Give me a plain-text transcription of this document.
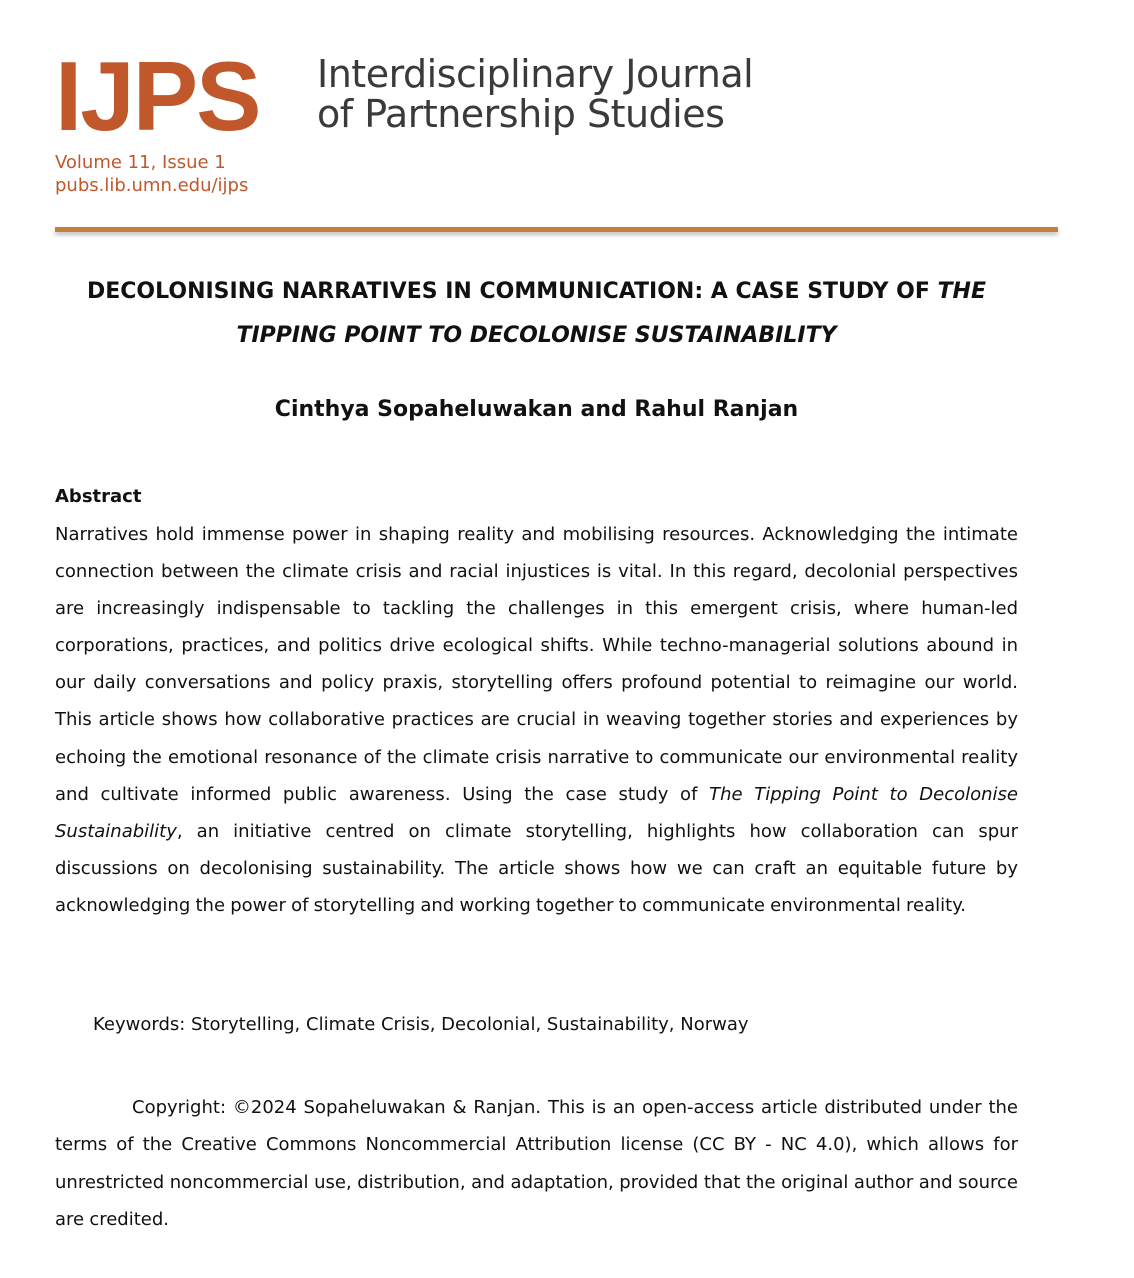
IJPS Interdisciplinary Journal
of Partnership Studies
Volume 11, Issue 1
pubs.lib.umn.edu/ijps
DECOLONISING NARRATIVES IN COMMUNICATION: A CASE STUDY OF THE TIPPING POINT TO DECOLONISE SUSTAINABILITY
Cinthya Sopaheluwakan and Rahul Ranjan
Abstract
Narratives hold immense power in shaping reality and mobilising resources. Acknowledging the intimate connection between the climate crisis and racial injustices is vital. In this regard, decolonial perspectives are increasingly indispensable to tackling the challenges in this emergent crisis, where human-led corporations, practices, and politics drive ecological shifts. While techno-managerial solutions abound in our daily conversations and policy praxis, storytelling offers profound potential to reimagine our world. This article shows how collaborative practices are crucial in weaving together stories and experiences by echoing the emotional resonance of the climate crisis narrative to communicate our environmental reality and cultivate informed public awareness. Using the case study of The Tipping Point to Decolonise Sustainability, an initiative centred on climate storytelling, highlights how collaboration can spur discussions on decolonising sustainability. The article shows how we can craft an equitable future by acknowledging the power of storytelling and working together to communicate environmental reality.
Keywords: Storytelling, Climate Crisis, Decolonial, Sustainability, Norway
Copyright: ©2024 Sopaheluwakan & Ranjan. This is an open-access article distributed under the terms of the Creative Commons Noncommercial Attribution license (CC BY - NC 4.0), which allows for unrestricted noncommercial use, distribution, and adaptation, provided that the original author and source are credited.
